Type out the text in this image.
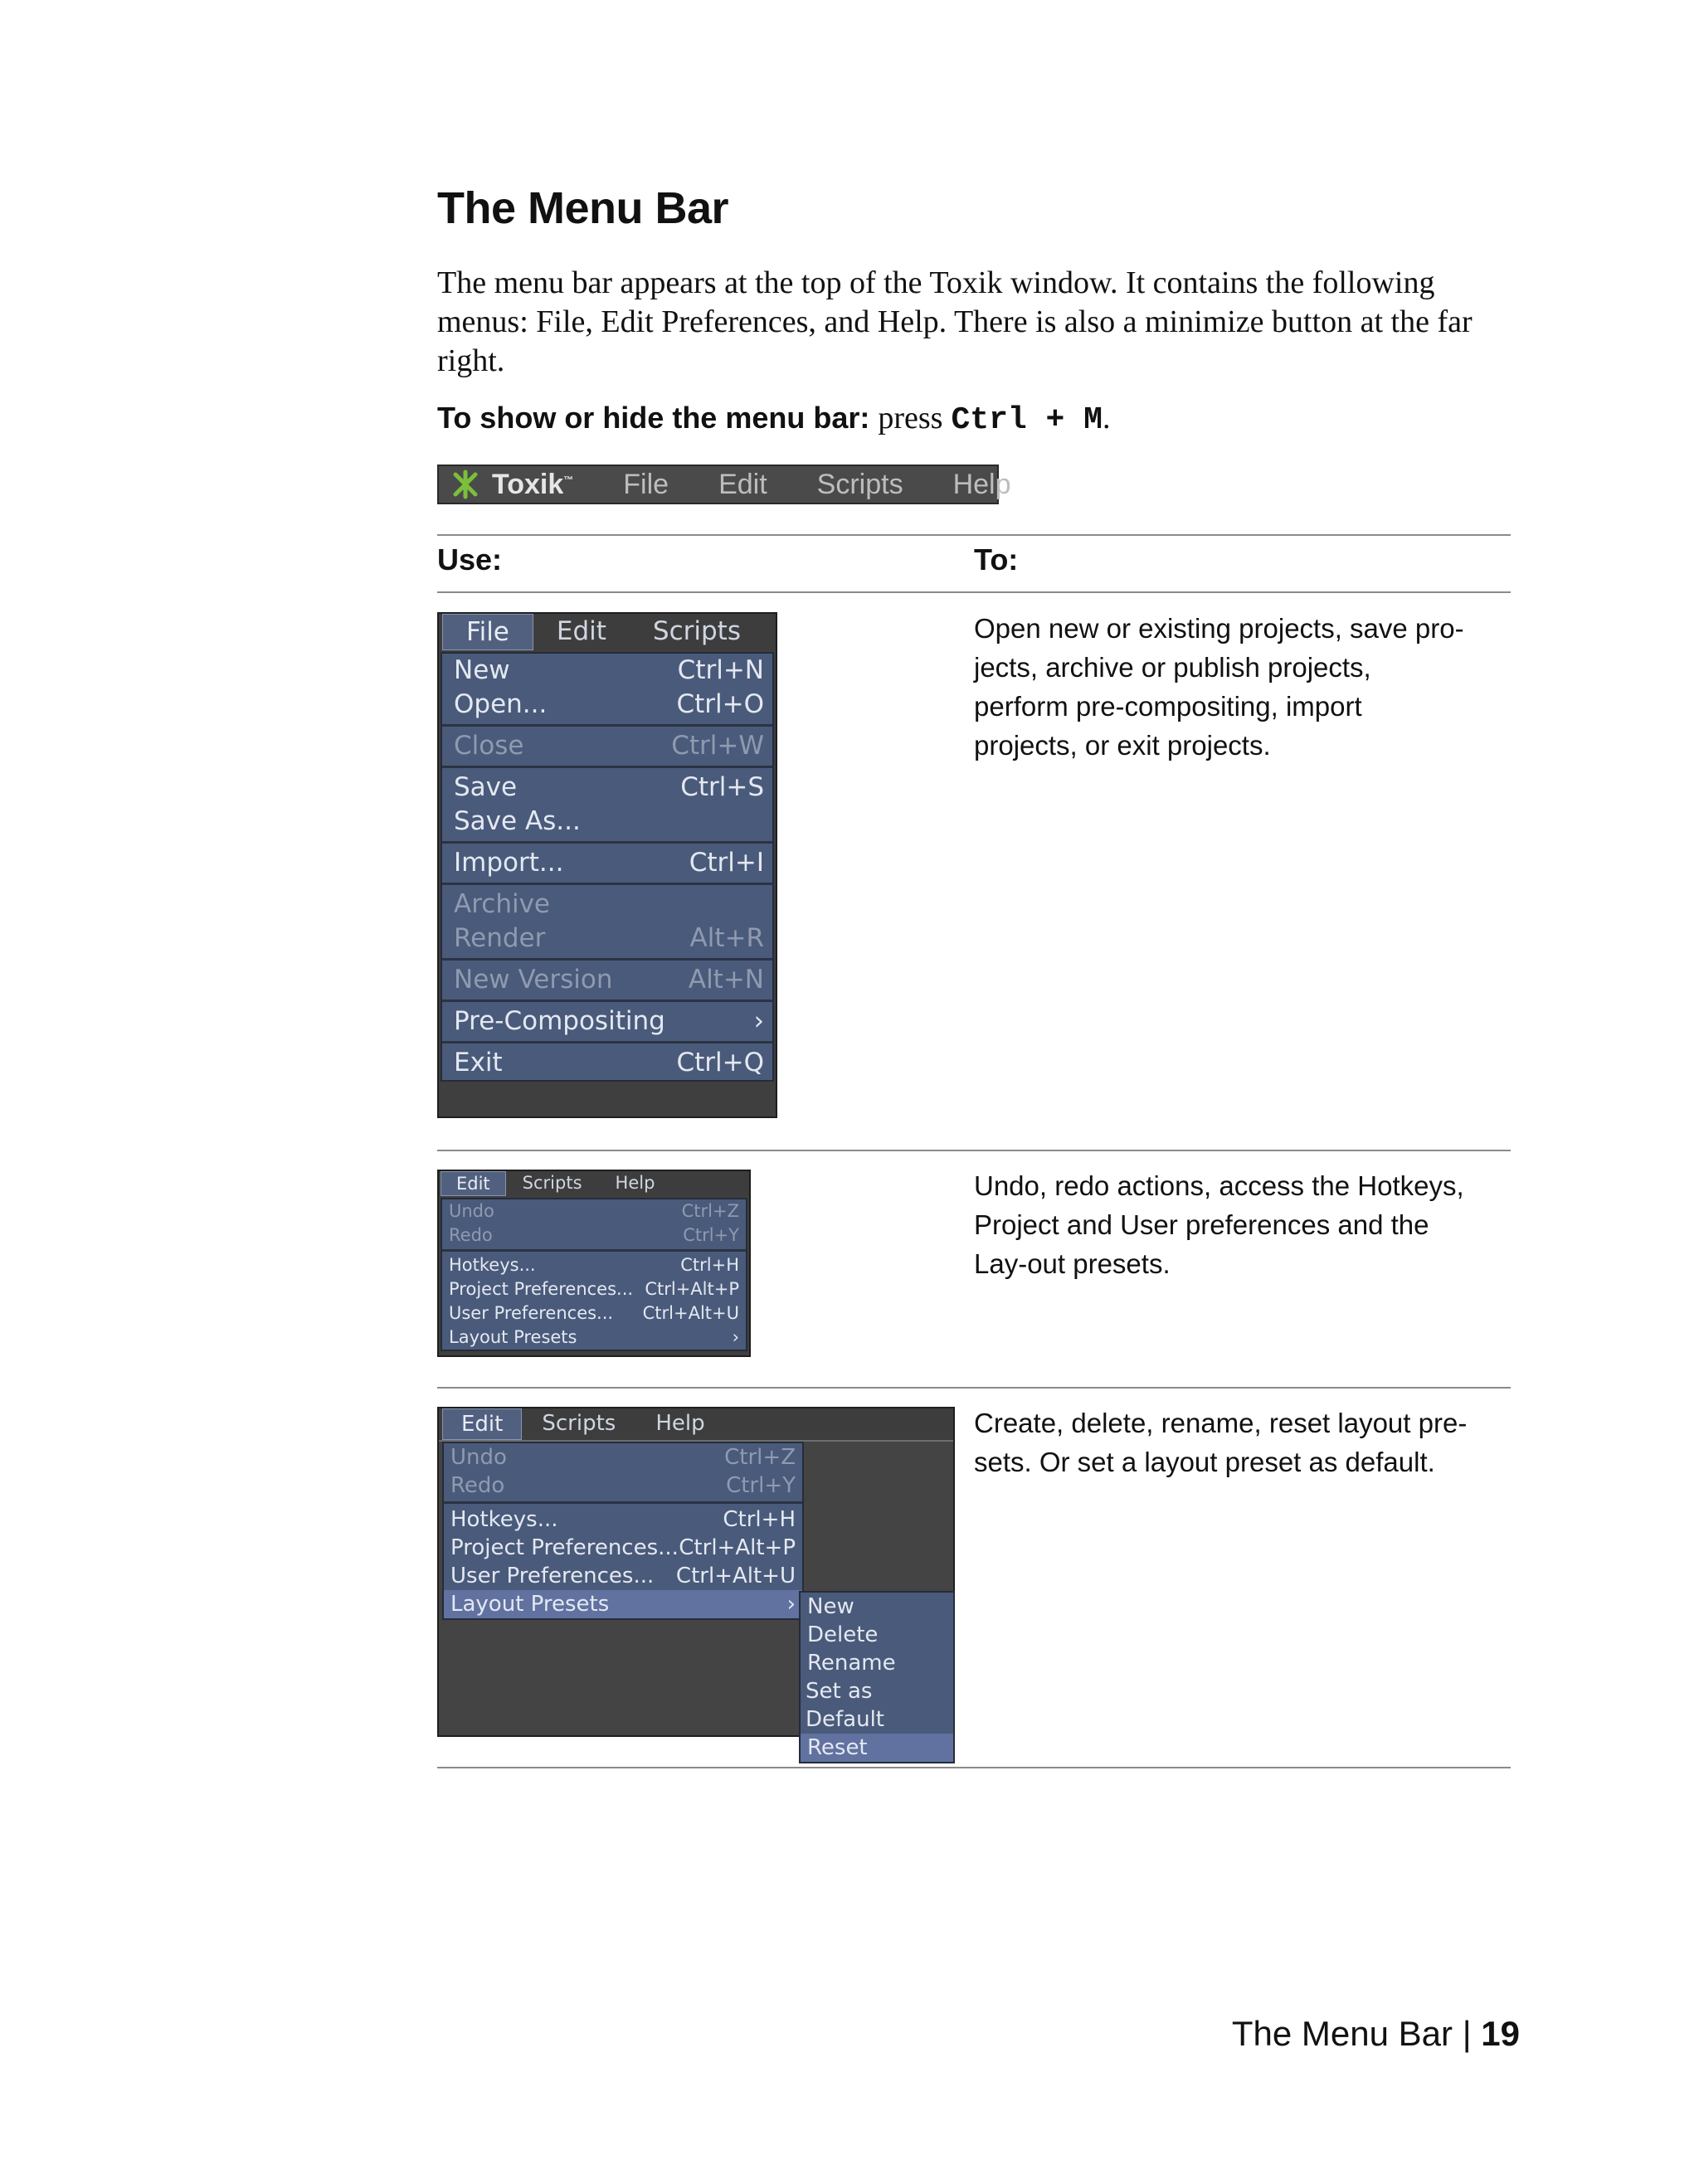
The Menu Bar

The menu bar appears at the top of the Toxik window. It contains the following menus: File, Edit Preferences, and Help. There is also a minimize button at the far right.

To show or hide the menu bar: press Ctrl + M.

Toxik™ File Edit Scripts Help
Use:	To:
File	Edit	Scripts
New	Ctrl+N
Open...	Ctrl+O
Close	Ctrl+W
Save	Ctrl+S
Save As...
Import...	Ctrl+I
Archive
Render	Alt+R
New Version	Alt+N
Pre-Compositing	›
Exit	Ctrl+Q

Open new or existing projects, save pro-jects, archive or publish projects, perform pre-compositing, import projects, or exit projects.

Edit	Scripts	Help
Undo	Ctrl+Z
Redo	Ctrl+Y
Hotkeys...	Ctrl+H
Project Preferences... Ctrl+Alt+P
User Preferences... Ctrl+Alt+U
Layout Presets	›

Undo, redo actions, access the Hotkeys, Project and User preferences and the Lay-out presets.

Edit	Scripts	Help
Undo	Ctrl+Z
Redo	Ctrl+Y
Hotkeys...	Ctrl+H
Project Preferences... Ctrl+Alt+P
User Preferences... Ctrl+Alt+U
Layout Presets	› New
Delete
Rename
Set as Default
Reset

Create, delete, rename, reset layout pre-sets. Or set a layout preset as default.

The Menu Bar | 19
